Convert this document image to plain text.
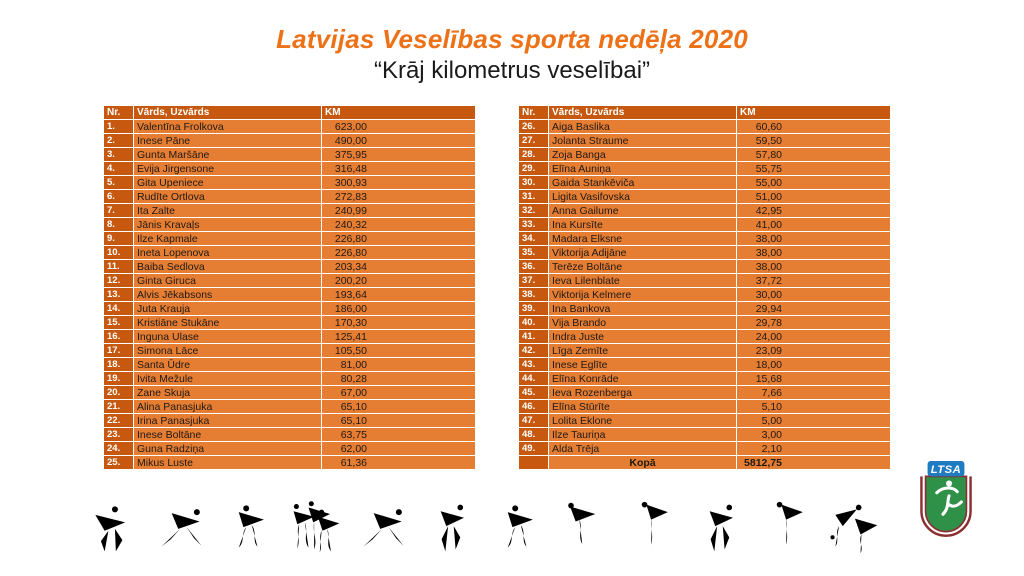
Latvijas Veselības sporta nedēļa 2020
“Krāj kilometrus veselībai”
Nr.	Vārds, Uzvārds	KM
1.	Valentīna Frolkova	623,00
2.	Inese Pāne	490,00
3.	Gunta Maršāne	375,95
4.	Evija Jirgensone	316,48
5.	Gita Upeniece	300,93
6.	Rudīte Ortlova	272,83
7.	Ita Zalte	240,99
8.	Jānis Kravaļs	240,32
9.	Ilze Kapmale	226,80
10.	Ineta Lopenova	226,80
11.	Baiba Sedlova	203,34
12.	Ginta Giruca	200,20
13.	Alvis Jēkabsons	193,64
14.	Juta Krauja	186,00
15.	Kristiāne Stukāne	170,30
16.	Inguna Ulase	125,41
17.	Simona Lāce	105,50
18.	Santa Ūdre	81,00
19.	Ivita Mežule	80,28
20.	Zane Skuja	67,00
21.	Alina Panasjuka	65,10
22.	Irina Panasjuka	65,10
23.	Inese Boltāne	63,75
24.	Guna Radziņa	62,00
25.	Mikus Luste	61,36
Nr.	Vārds, Uzvārds	KM
26.	Aiga Baslika	60,60
27.	Jolanta Straume	59,50
28.	Zoja Banga	57,80
29.	Elīna Auniņa	55,75
30.	Gaida Stankēviča	55,00
31.	Ligita Vasifovska	51,00
32.	Anna Gailume	42,95
33.	Ina Kursīte	41,00
34.	Madara Elksne	38,00
35.	Viktorija Adijāne	38,00
36.	Terēze Boltāne	38,00
37.	Ieva Lilenblate	37,72
38.	Viktorija Kelmere	30,00
39.	Ina Bankova	29,94
40.	Vija Brando	29,78
41.	Indra Juste	24,00
42.	Līga Zemīte	23,09
43.	Inese Eglīte	18,00
44.	Elīna Konrāde	15,68
45.	Ieva Rozenberga	7,66
46.	Elīna Stūrīte	5,10
47.	Lolita Eklone	5,00
48.	Ilze Tauriņa	3,00
49.	Alda Trēja	2,10
	Kopā	5812,75
LTSA
